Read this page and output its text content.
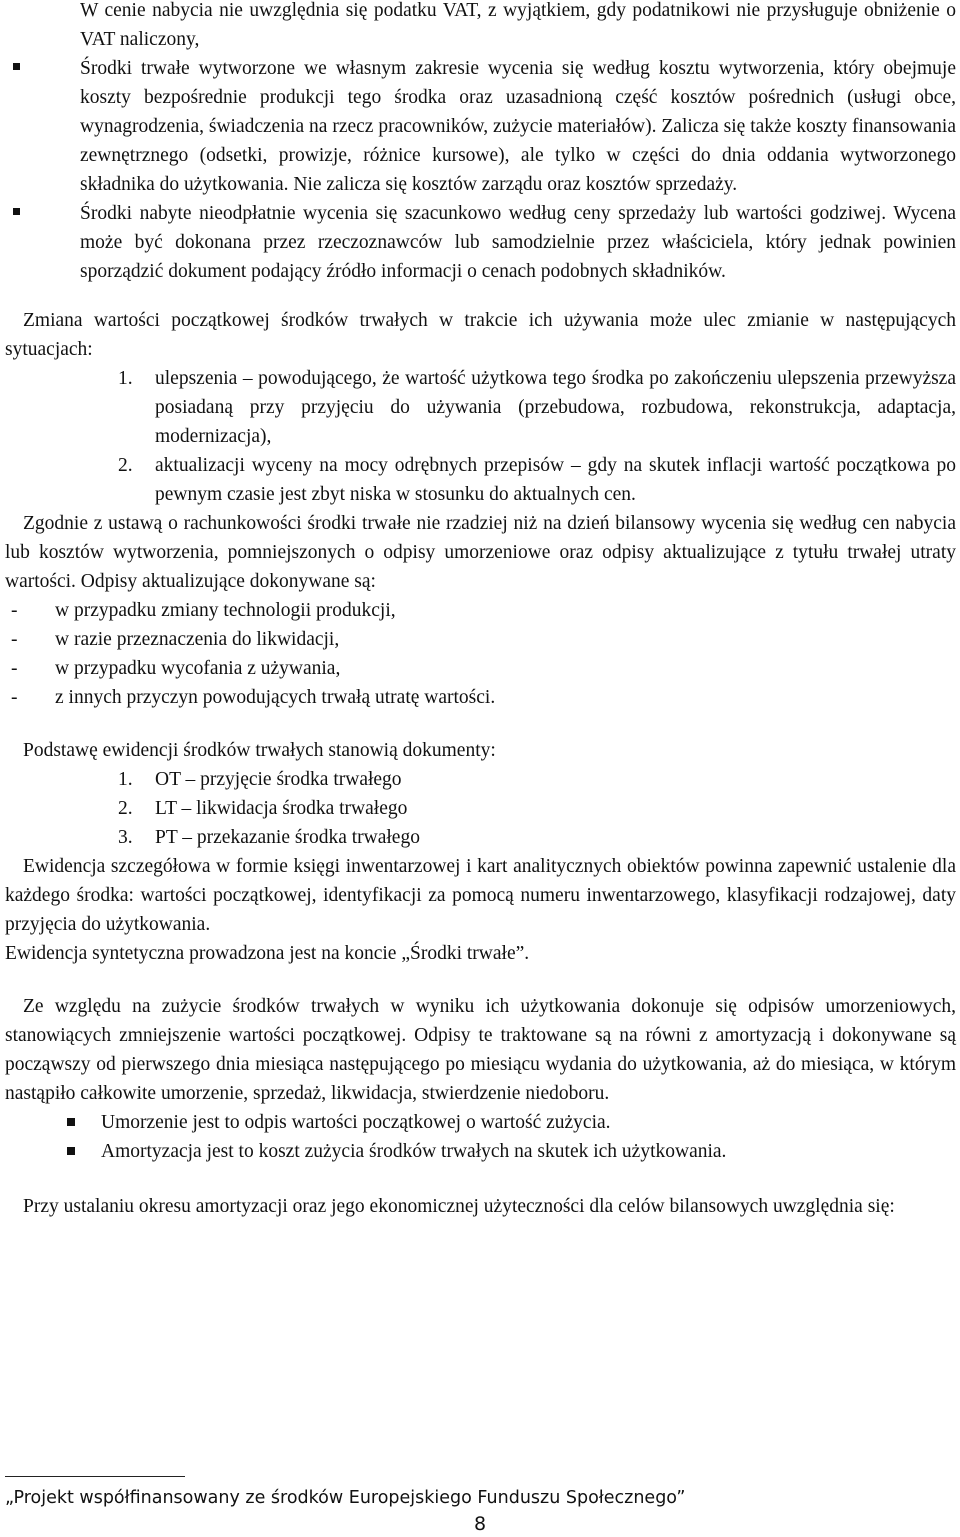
W cenie nabycia nie uwzględnia się podatku VAT, z wyjątkiem, gdy podatnikowi nie przysługuje obniżenie o VAT naliczony,
Środki trwałe wytworzone we własnym zakresie wycenia się według kosztu wytworzenia, który obejmuje koszty bezpośrednie produkcji tego środka oraz uzasadnioną część kosztów pośrednich (usługi obce, wynagrodzenia, świadczenia na rzecz pracowników, zużycie materiałów). Zalicza się także koszty finansowania zewnętrznego (odsetki, prowizje, różnice kursowe), ale tylko w części do dnia oddania wytworzonego składnika do użytkowania. Nie zalicza się kosztów zarządu oraz kosztów sprzedaży.
Środki nabyte nieodpłatnie wycenia się szacunkowo według ceny sprzedaży lub wartości godziwej. Wycena może być dokonana przez rzeczoznawców lub samodzielnie przez właściciela, który jednak powinien sporządzić dokument podający źródło informacji o cenach podobnych składników.
Zmiana wartości początkowej środków trwałych w trakcie ich używania może ulec zmianie w następujących sytuacjach:
1. ulepszenia – powodującego, że wartość użytkowa tego środka po zakończeniu ulepszenia przewyższa posiadaną przy przyjęciu do używania (przebudowa, rozbudowa, rekonstrukcja, adaptacja, modernizacja),
2. aktualizacji wyceny na mocy odrębnych przepisów – gdy na skutek inflacji wartość początkowa po pewnym czasie jest zbyt niska w stosunku do aktualnych cen.
Zgodnie z ustawą o rachunkowości środki trwałe nie rzadziej niż na dzień bilansowy wycenia się według cen nabycia lub kosztów wytworzenia, pomniejszonych o odpisy umorzeniowe oraz odpisy aktualizujące z tytułu trwałej utraty wartości. Odpisy aktualizujące dokonywane są:
- w przypadku zmiany technologii produkcji,
- w razie przeznaczenia do likwidacji,
- w przypadku wycofania z używania,
- z innych przyczyn powodujących trwałą utratę wartości.
Podstawę ewidencji środków trwałych stanowią dokumenty:
1. OT – przyjęcie środka trwałego
2. LT – likwidacja środka trwałego
3. PT – przekazanie środka trwałego
Ewidencja szczegółowa w formie księgi inwentarzowej i kart analitycznych obiektów powinna zapewnić ustalenie dla każdego środka: wartości początkowej, identyfikacji za pomocą numeru inwentarzowego, klasyfikacji rodzajowej, daty przyjęcia do użytkowania.
Ewidencja syntetyczna prowadzona jest na koncie „Środki trwałe”.
Ze względu na zużycie środków trwałych w wyniku ich użytkowania dokonuje się odpisów umorzeniowych, stanowiących zmniejszenie wartości początkowej. Odpisy te traktowane są na równi z amortyzacją i dokonywane są począwszy od pierwszego dnia miesiąca następującego po miesiącu wydania do użytkowania, aż do miesiąca, w którym nastąpiło całkowite umorzenie, sprzedaż, likwidacja, stwierdzenie niedoboru.
Umorzenie jest to odpis wartości początkowej o wartość zużycia.
Amortyzacja jest to koszt zużycia środków trwałych na skutek ich użytkowania.
Przy ustalaniu okresu amortyzacji oraz jego ekonomicznej użyteczności dla celów bilansowych uwzględnia się:
„Projekt współfinansowany ze środków Europejskiego Funduszu Społecznego”
8
